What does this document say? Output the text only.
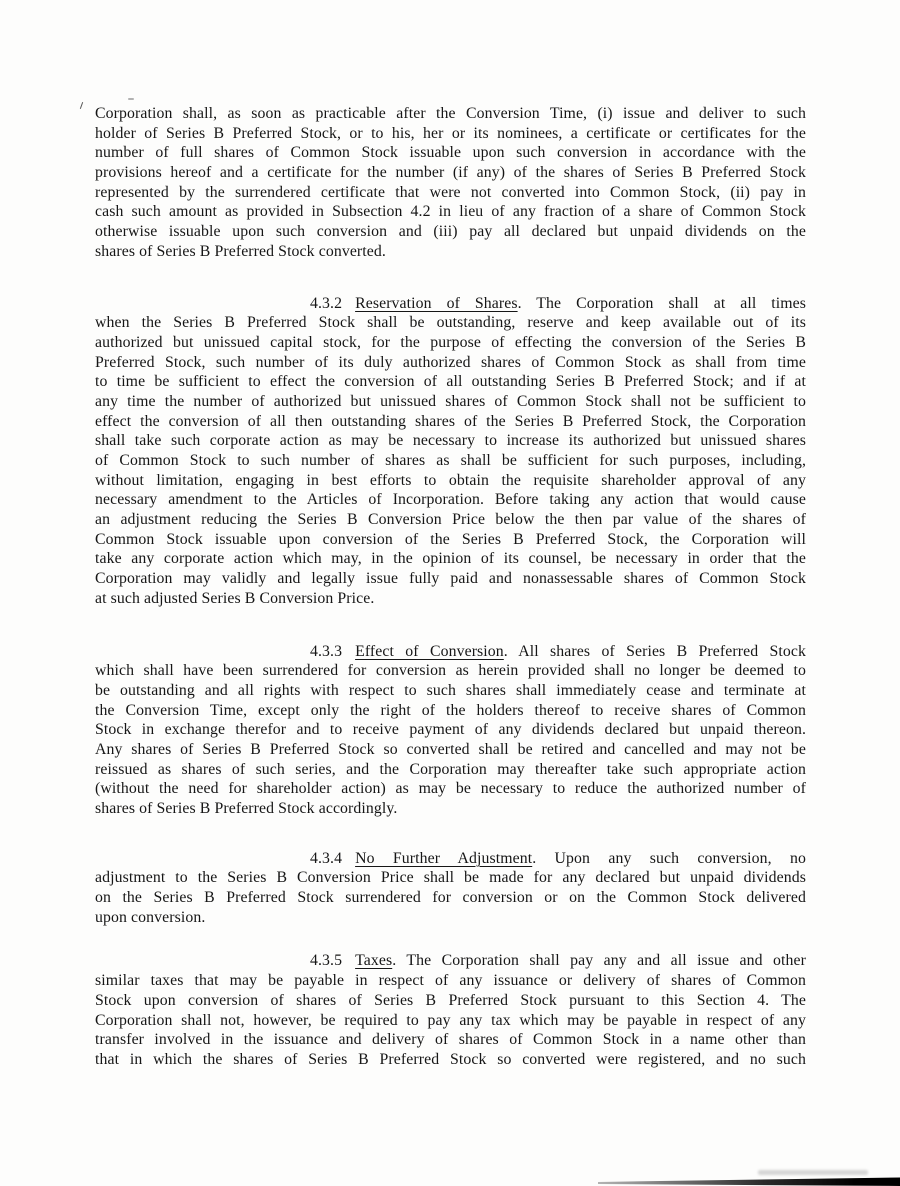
Corporation shall, as soon as practicable after the Conversion Time, (i) issue and deliver to such
holder of Series B Preferred Stock, or to his, her or its nominees, a certificate or certificates for the
number of full shares of Common Stock issuable upon such conversion in accordance with the
provisions hereof and a certificate for the number (if any) of the shares of Series B Preferred Stock
represented by the surrendered certificate that were not converted into Common Stock, (ii) pay in
cash such amount as provided in Subsection 4.2 in lieu of any fraction of a share of Common Stock
otherwise issuable upon such conversion and (iii) pay all declared but unpaid dividends on the
shares of Series B Preferred Stock converted.
4.3.2 Reservation of Shares. The Corporation shall at all times
when the Series B Preferred Stock shall be outstanding, reserve and keep available out of its
authorized but unissued capital stock, for the purpose of effecting the conversion of the Series B
Preferred Stock, such number of its duly authorized shares of Common Stock as shall from time
to time be sufficient to effect the conversion of all outstanding Series B Preferred Stock; and if at
any time the number of authorized but unissued shares of Common Stock shall not be sufficient to
effect the conversion of all then outstanding shares of the Series B Preferred Stock, the Corporation
shall take such corporate action as may be necessary to increase its authorized but unissued shares
of Common Stock to such number of shares as shall be sufficient for such purposes, including,
without limitation, engaging in best efforts to obtain the requisite shareholder approval of any
necessary amendment to the Articles of Incorporation. Before taking any action that would cause
an adjustment reducing the Series B Conversion Price below the then par value of the shares of
Common Stock issuable upon conversion of the Series B Preferred Stock, the Corporation will
take any corporate action which may, in the opinion of its counsel, be necessary in order that the
Corporation may validly and legally issue fully paid and nonassessable shares of Common Stock
at such adjusted Series B Conversion Price.
4.3.3 Effect of Conversion. All shares of Series B Preferred Stock
which shall have been surrendered for conversion as herein provided shall no longer be deemed to
be outstanding and all rights with respect to such shares shall immediately cease and terminate at
the Conversion Time, except only the right of the holders thereof to receive shares of Common
Stock in exchange therefor and to receive payment of any dividends declared but unpaid thereon.
Any shares of Series B Preferred Stock so converted shall be retired and cancelled and may not be
reissued as shares of such series, and the Corporation may thereafter take such appropriate action
(without the need for shareholder action) as may be necessary to reduce the authorized number of
shares of Series B Preferred Stock accordingly.
4.3.4 No Further Adjustment. Upon any such conversion, no
adjustment to the Series B Conversion Price shall be made for any declared but unpaid dividends
on the Series B Preferred Stock surrendered for conversion or on the Common Stock delivered
upon conversion.
4.3.5 Taxes. The Corporation shall pay any and all issue and other
similar taxes that may be payable in respect of any issuance or delivery of shares of Common
Stock upon conversion of shares of Series B Preferred Stock pursuant to this Section 4. The
Corporation shall not, however, be required to pay any tax which may be payable in respect of any
transfer involved in the issuance and delivery of shares of Common Stock in a name other than
that in which the shares of Series B Preferred Stock so converted were registered, and no such
